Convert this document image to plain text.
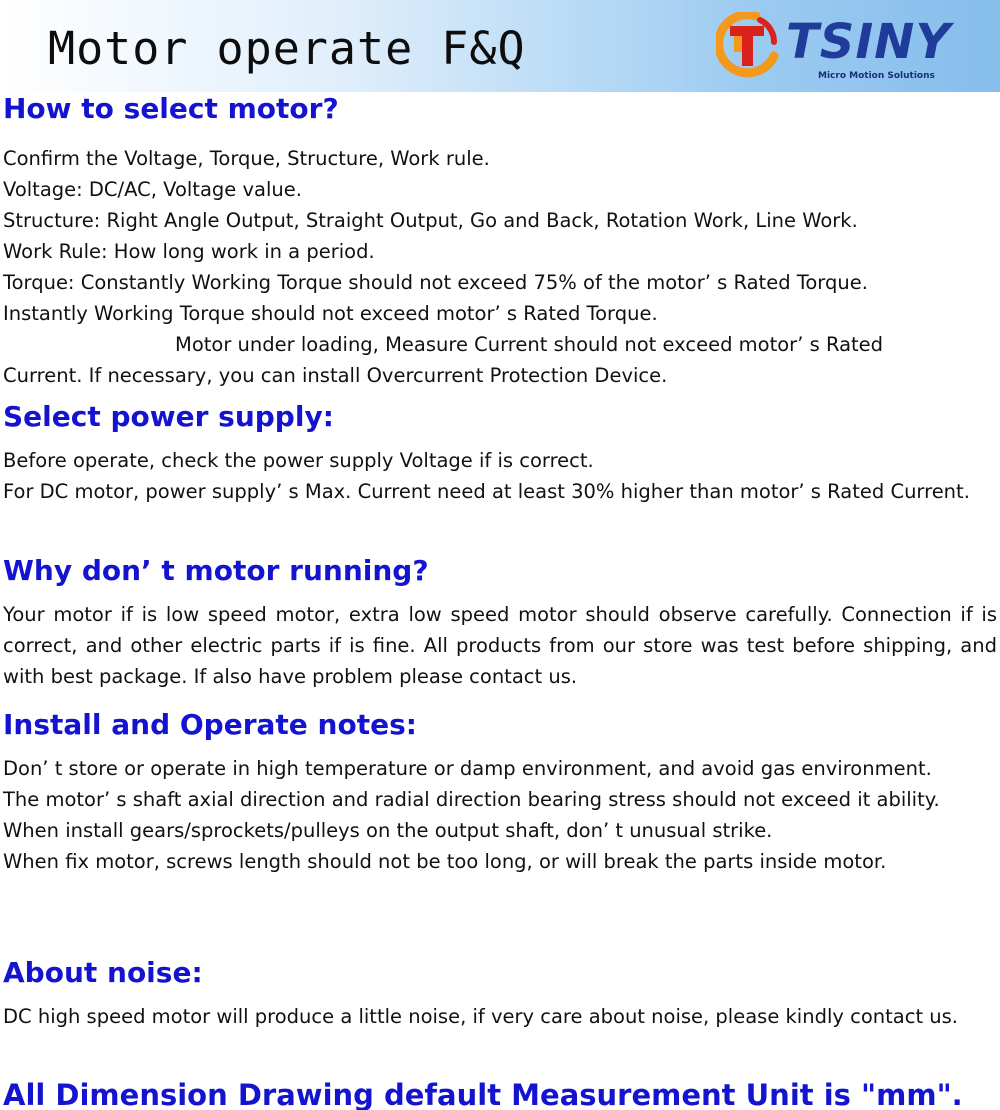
Motor operate F&Q	TSINY
Micro Motion Solutions
How to select motor?
Confirm the Voltage, Torque, Structure, Work rule.
Voltage: DC/AC, Voltage value.
Structure: Right Angle Output, Straight Output, Go and Back, Rotation Work, Line Work.
Work Rule: How long work in a period.
Torque: Constantly Working Torque should not exceed 75% of the motor’ s Rated Torque.
Instantly Working Torque should not exceed motor’ s Rated Torque.
Motor under loading, Measure Current should not exceed motor’ s Rated
Current. If necessary, you can install Overcurrent Protection Device.
Select power supply:
Before operate, check the power supply Voltage if is correct.
For DC motor, power supply’ s Max. Current need at least 30% higher than motor’ s Rated Current.
Why don’ t motor running?

Your motor if is low speed motor, extra low speed motor should observe carefully. Connection if is correct, and other electric parts if is fine. All products from our store was test before shipping, and with best package. If also have problem please contact us.

Install and Operate notes:
Don’ t store or operate in high temperature or damp environment, and avoid gas environment.
The motor’ s shaft axial direction and radial direction bearing stress should not exceed it ability.
When install gears/sprockets/pulleys on the output shaft, don’ t unusual strike.
When fix motor, screws length should not be too long, or will break the parts inside motor.
About noise:

DC high speed motor will produce a little noise, if very care about noise, please kindly contact us.

All Dimension Drawing default Measurement Unit is "mm".
